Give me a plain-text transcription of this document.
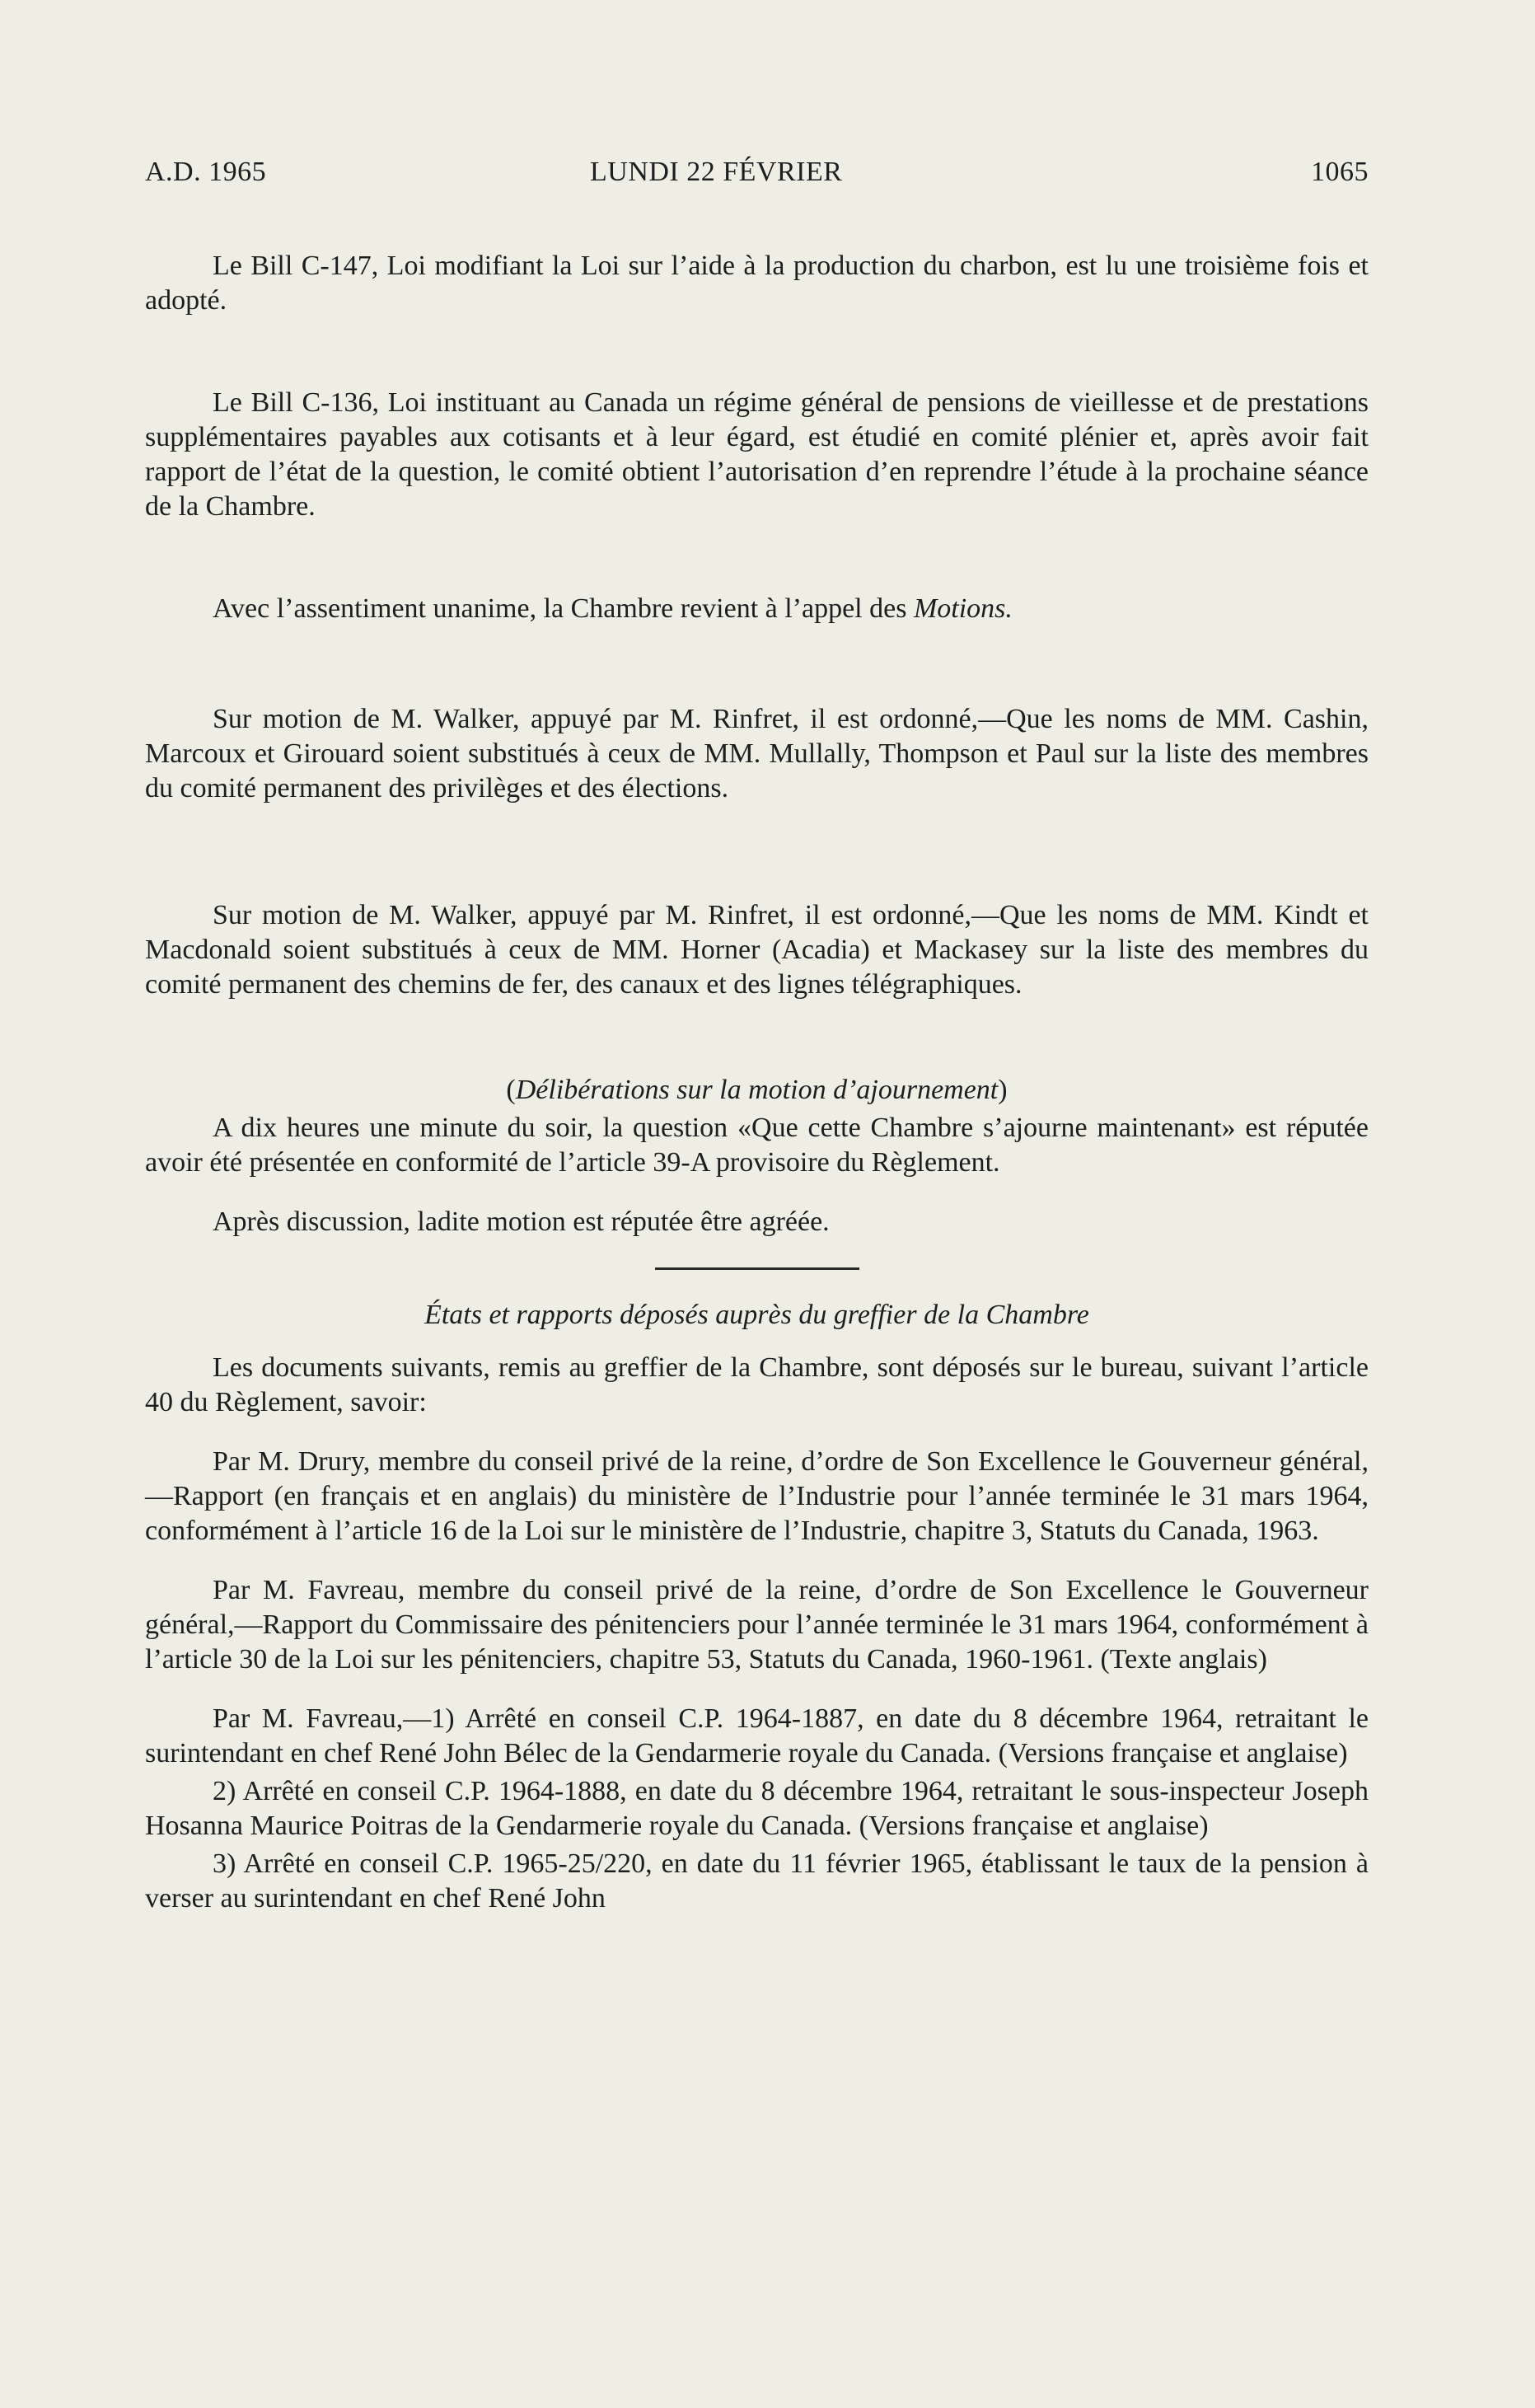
A.D. 1965	LUNDI 22 FÉVRIER	1065

Le Bill C-147, Loi modifiant la Loi sur l’aide à la production du charbon, est lu une troisième fois et adopté.

Le Bill C-136, Loi instituant au Canada un régime général de pensions de vieillesse et de prestations supplémentaires payables aux cotisants et à leur égard, est étudié en comité plénier et, après avoir fait rapport de l’état de la question, le comité obtient l’autorisation d’en reprendre l’étude à la prochaine séance de la Chambre.

Avec l’assentiment unanime, la Chambre revient à l’appel des Motions.

Sur motion de M. Walker, appuyé par M. Rinfret, il est ordonné,—Que les noms de MM. Cashin, Marcoux et Girouard soient substitués à ceux de MM. Mullally, Thompson et Paul sur la liste des membres du comité permanent des privilèges et des élections.

Sur motion de M. Walker, appuyé par M. Rinfret, il est ordonné,—Que les noms de MM. Kindt et Macdonald soient substitués à ceux de MM. Horner (Acadia) et Mackasey sur la liste des membres du comité permanent des chemins de fer, des canaux et des lignes télégraphiques.

(Délibérations sur la motion d’ajournement)

A dix heures une minute du soir, la question «Que cette Chambre s’ajourne maintenant» est réputée avoir été présentée en conformité de l’article 39-A provisoire du Règlement.

Après discussion, ladite motion est réputée être agréée.

États et rapports déposés auprès du greffier de la Chambre

Les documents suivants, remis au greffier de la Chambre, sont déposés sur le bureau, suivant l’article 40 du Règlement, savoir:

Par M. Drury, membre du conseil privé de la reine, d’ordre de Son Excellence le Gouverneur général,—Rapport (en français et en anglais) du ministère de l’Industrie pour l’année terminée le 31 mars 1964, conformément à l’article 16 de la Loi sur le ministère de l’Industrie, chapitre 3, Statuts du Canada, 1963.

Par M. Favreau, membre du conseil privé de la reine, d’ordre de Son Excellence le Gouverneur général,—Rapport du Commissaire des pénitenciers pour l’année terminée le 31 mars 1964, conformément à l’article 30 de la Loi sur les pénitenciers, chapitre 53, Statuts du Canada, 1960-1961. (Texte anglais)

Par M. Favreau,—1) Arrêté en conseil C.P. 1964-1887, en date du 8 décembre 1964, retraitant le surintendant en chef René John Bélec de la Gendarmerie royale du Canada. (Versions française et anglaise)

2) Arrêté en conseil C.P. 1964-1888, en date du 8 décembre 1964, retraitant le sous-inspecteur Joseph Hosanna Maurice Poitras de la Gendarmerie royale du Canada. (Versions française et anglaise)

3) Arrêté en conseil C.P. 1965-25/220, en date du 11 février 1965, établissant le taux de la pension à verser au surintendant en chef René John
